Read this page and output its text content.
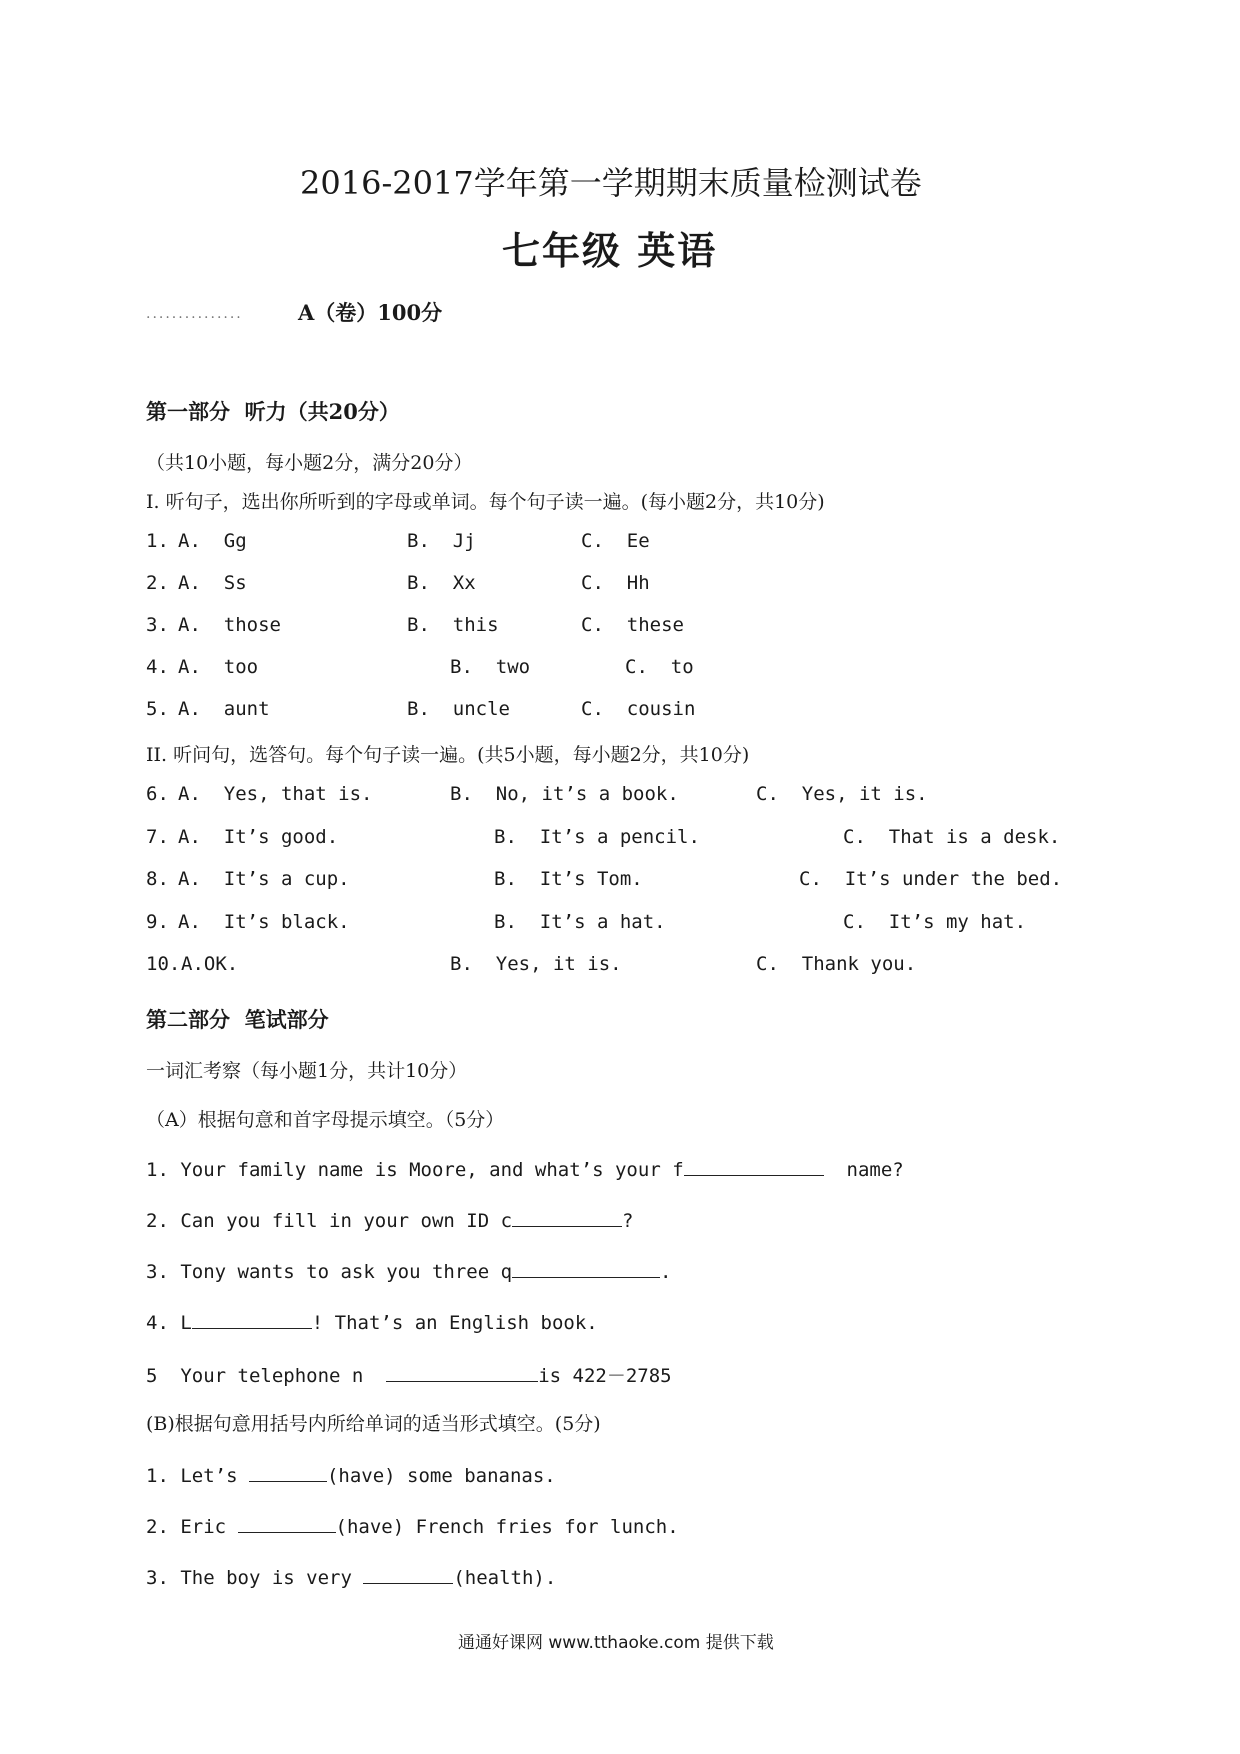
2016-2017学年第一学期期末质量检测试卷
七年级 英语
...............	A（卷）100分
第一部分  听力（共20分）
（共10小题，每小题2分，满分20分）
I. 听句子，选出你所听到的字母或单词。每个句子读一遍。(每小题2分，共10分)
1. A.  Gg	B.  Jj	C.  Ee
2. A.  Ss	B.  Xx	C.  Hh
3. A.  those	B.  this	C.  these
4. A.  too	B.  two	C.  to
5. A.  aunt	B.  uncle	C.  cousin
II. 听问句，选答句。每个句子读一遍。(共5小题，每小题2分，共10分)
6. A.  Yes, that is.	B.  No, it’s a book.	C.  Yes, it is.
7. A.  It’s good.	B.  It’s a pencil.	C.  That is a desk.
8. A.  It’s a cup.	B.  It’s Tom.	C.  It’s under the bed.
9. A.  It’s black.	B.  It’s a hat.	C.  It’s my hat.
10. A.OK.	B.  Yes, it is.	C.  Thank you.
第二部分  笔试部分
一词汇考察（每小题1分，共计10分）
（A）根据句意和首字母提示填空。（5分）
1. Your family name is Moore, and what’s your f	name?
2. Can you fill in your own ID c	?
3. Tony wants to ask you three q	.
4. L	! That’s an English book.
5  Your telephone n	is 422－2785
(B)根据句意用括号内所给单词的适当形式填空。(5分)
1. Let’s	(have) some bananas.
2. Eric	(have) French fries for lunch.
3. The boy is very	(health).
通通好课网 www.tthaoke.com 提供下载
